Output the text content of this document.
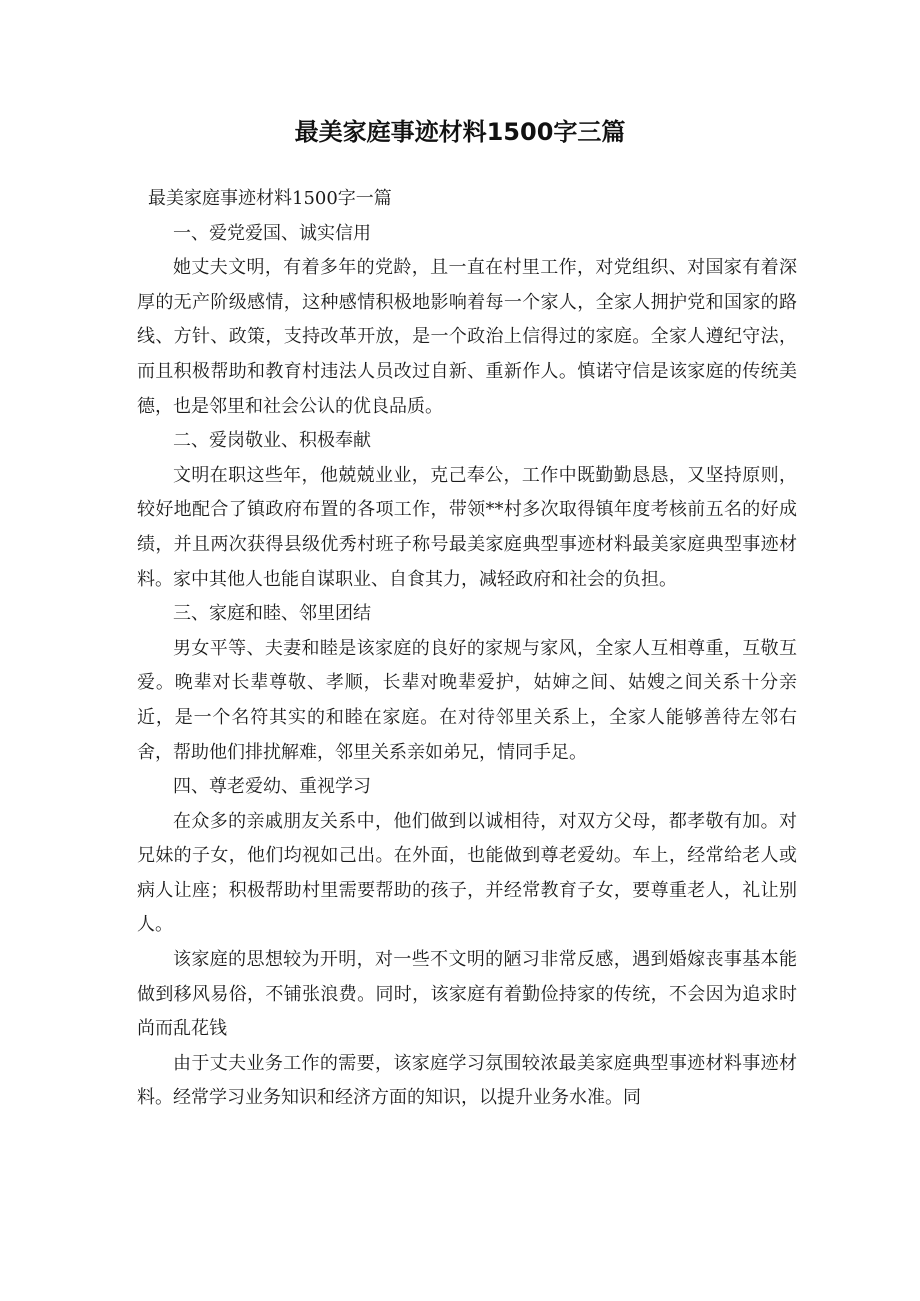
最美家庭事迹材料1500字三篇

最美家庭事迹材料1500字一篇

一、爱党爱国、诚实信用

她丈夫文明，有着多年的党龄，且一直在村里工作，对党组织、对国家有着深厚的无产阶级感情，这种感情积极地影响着每一个家人，全家人拥护党和国家的路线、方针、政策，支持改革开放，是一个政治上信得过的家庭。全家人遵纪守法，而且积极帮助和教育村违法人员改过自新、重新作人。慎诺守信是该家庭的传统美德，也是邻里和社会公认的优良品质。

二、爱岗敬业、积极奉献

文明在职这些年，他兢兢业业，克己奉公，工作中既勤勤恳恳，又坚持原则，较好地配合了镇政府布置的各项工作，带领**村多次取得镇年度考核前五名的好成绩，并且两次获得县级优秀村班子称号最美家庭典型事迹材料最美家庭典型事迹材料。家中其他人也能自谋职业、自食其力，减轻政府和社会的负担。

三、家庭和睦、邻里团结

男女平等、夫妻和睦是该家庭的良好的家规与家风，全家人互相尊重，互敬互爱。晚辈对长辈尊敬、孝顺，长辈对晚辈爱护，姑婶之间、姑嫂之间关系十分亲近，是一个名符其实的和睦在家庭。在对待邻里关系上，全家人能够善待左邻右舍，帮助他们排扰解难，邻里关系亲如弟兄，情同手足。

四、尊老爱幼、重视学习

在众多的亲戚朋友关系中，他们做到以诚相待，对双方父母，都孝敬有加。对兄妹的子女，他们均视如己出。在外面，也能做到尊老爱幼。车上，经常给老人或病人让座；积极帮助村里需要帮助的孩子，并经常教育子女，要尊重老人，礼让别人。

该家庭的思想较为开明，对一些不文明的陋习非常反感，遇到婚嫁丧事基本能做到移风易俗，不铺张浪费。同时，该家庭有着勤俭持家的传统，不会因为追求时尚而乱花钱

由于丈夫业务工作的需要，该家庭学习氛围较浓最美家庭典型事迹材料事迹材料。经常学习业务知识和经济方面的知识，以提升业务水准。同
